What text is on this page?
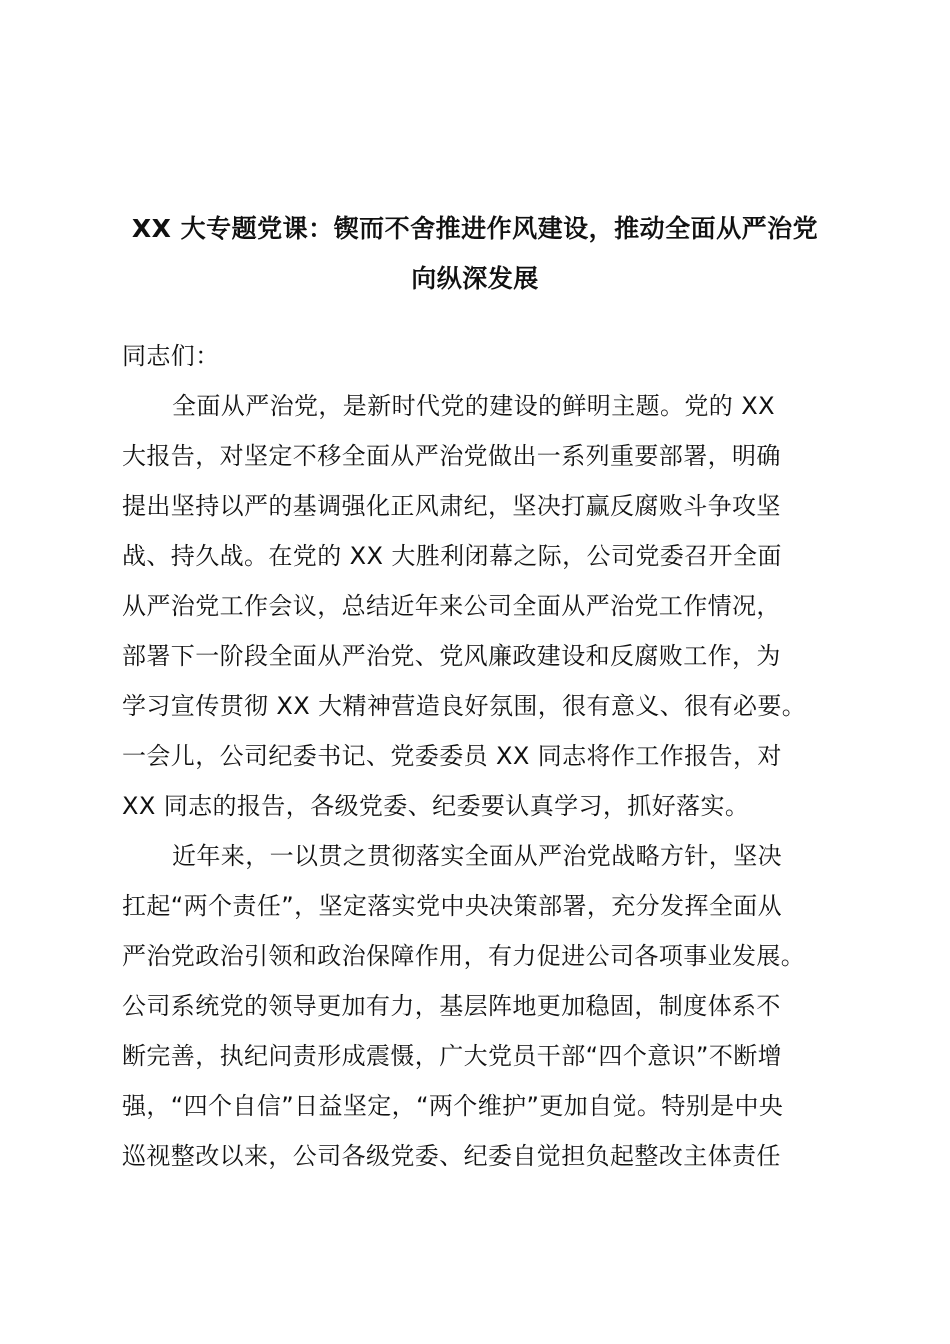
XX 大专题党课：锲而不舍推进作风建设，推动全面从严治党
向纵深发展
同志们：
全面从严治党，是新时代党的建设的鲜明主题。党的 XX
大报告，对坚定不移全面从严治党做出一系列重要部署，明确
提出坚持以严的基调强化正风肃纪，坚决打赢反腐败斗争攻坚
战、持久战。在党的 XX 大胜利闭幕之际，公司党委召开全面
从严治党工作会议，总结近年来公司全面从严治党工作情况，
部署下一阶段全面从严治党、党风廉政建设和反腐败工作，为
学习宣传贯彻 XX 大精神营造良好氛围，很有意义、很有必要。
一会儿，公司纪委书记、党委委员 XX 同志将作工作报告，对
XX 同志的报告，各级党委、纪委要认真学习，抓好落实。
近年来，一以贯之贯彻落实全面从严治党战略方针，坚决
扛起“两个责任”，坚定落实党中央决策部署，充分发挥全面从
严治党政治引领和政治保障作用，有力促进公司各项事业发展。
公司系统党的领导更加有力，基层阵地更加稳固，制度体系不
断完善，执纪问责形成震慑，广大党员干部“四个意识”不断增
强，“四个自信”日益坚定，“两个维护”更加自觉。特别是中央
巡视整改以来，公司各级党委、纪委自觉担负起整改主体责任
